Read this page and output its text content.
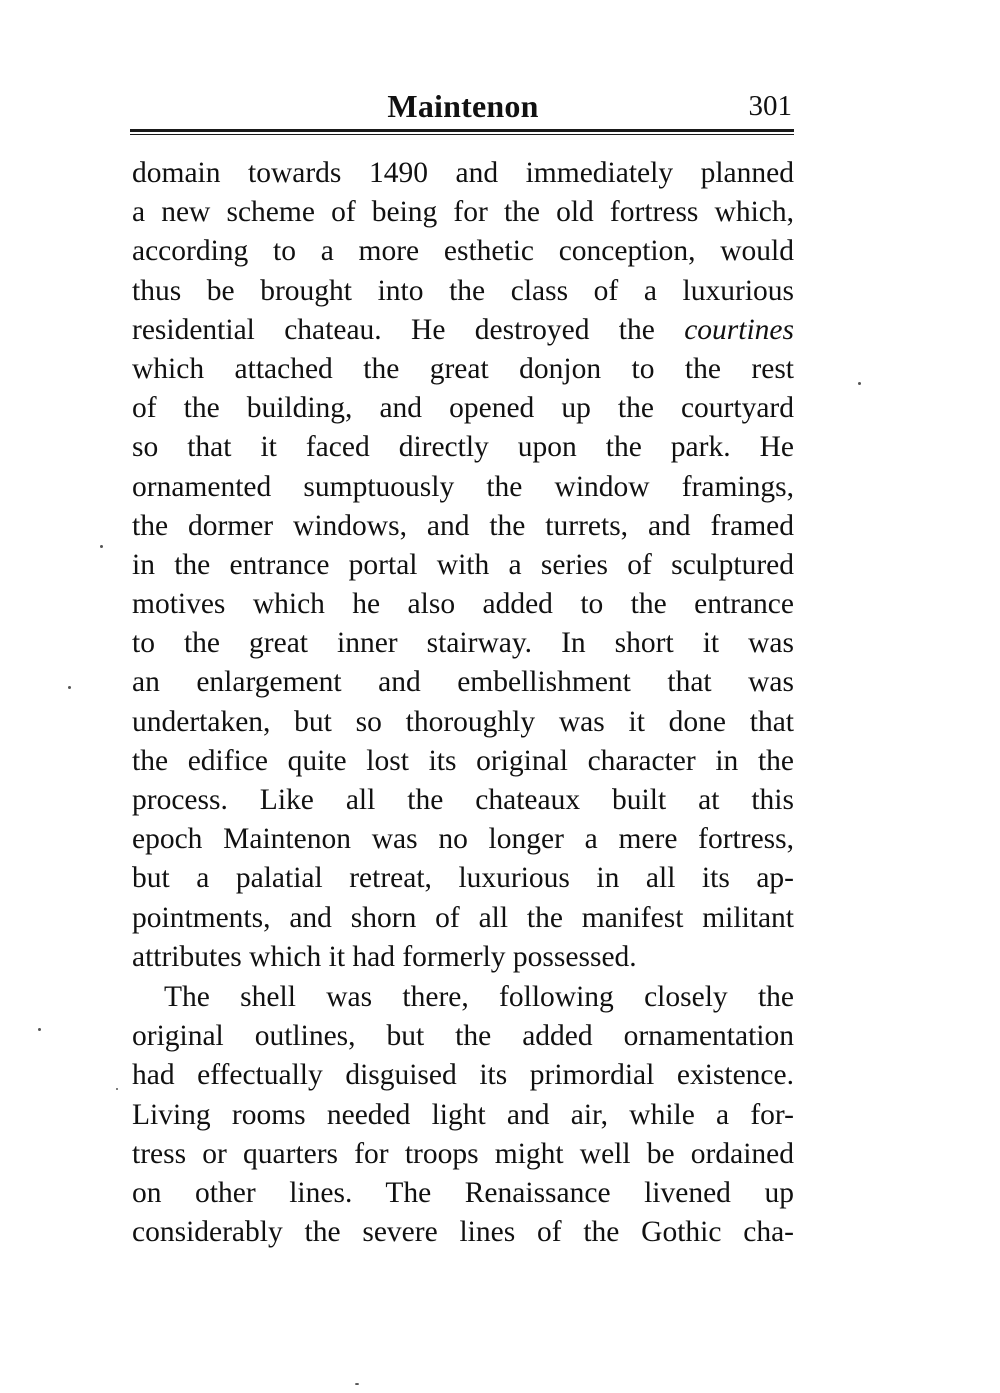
Maintenon	301
domain towards 1490 and immediately planned
a new scheme of being for the old fortress which,
according to a more esthetic conception, would
thus be brought into the class of a luxurious
residential chateau. He destroyed the courtines
which attached the great donjon to the rest
of the building, and opened up the courtyard
so that it faced directly upon the park. He
ornamented sumptuously the window framings,
the dormer windows, and the turrets, and framed
in the entrance portal with a series of sculptured
motives which he also added to the entrance
to the great inner stairway. In short it was
an enlargement and embellishment that was
undertaken, but so thoroughly was it done that
the edifice quite lost its original character in the
process. Like all the chateaux built at this
epoch Maintenon was no longer a mere fortress,
but a palatial retreat, luxurious in all its ap-
pointments, and shorn of all the manifest militant
attributes which it had formerly possessed.
The shell was there, following closely the
original outlines, but the added ornamentation
had effectually disguised its primordial existence.
Living rooms needed light and air, while a for-
tress or quarters for troops might well be ordained
on other lines. The Renaissance livened up
considerably the severe lines of the Gothic cha-
